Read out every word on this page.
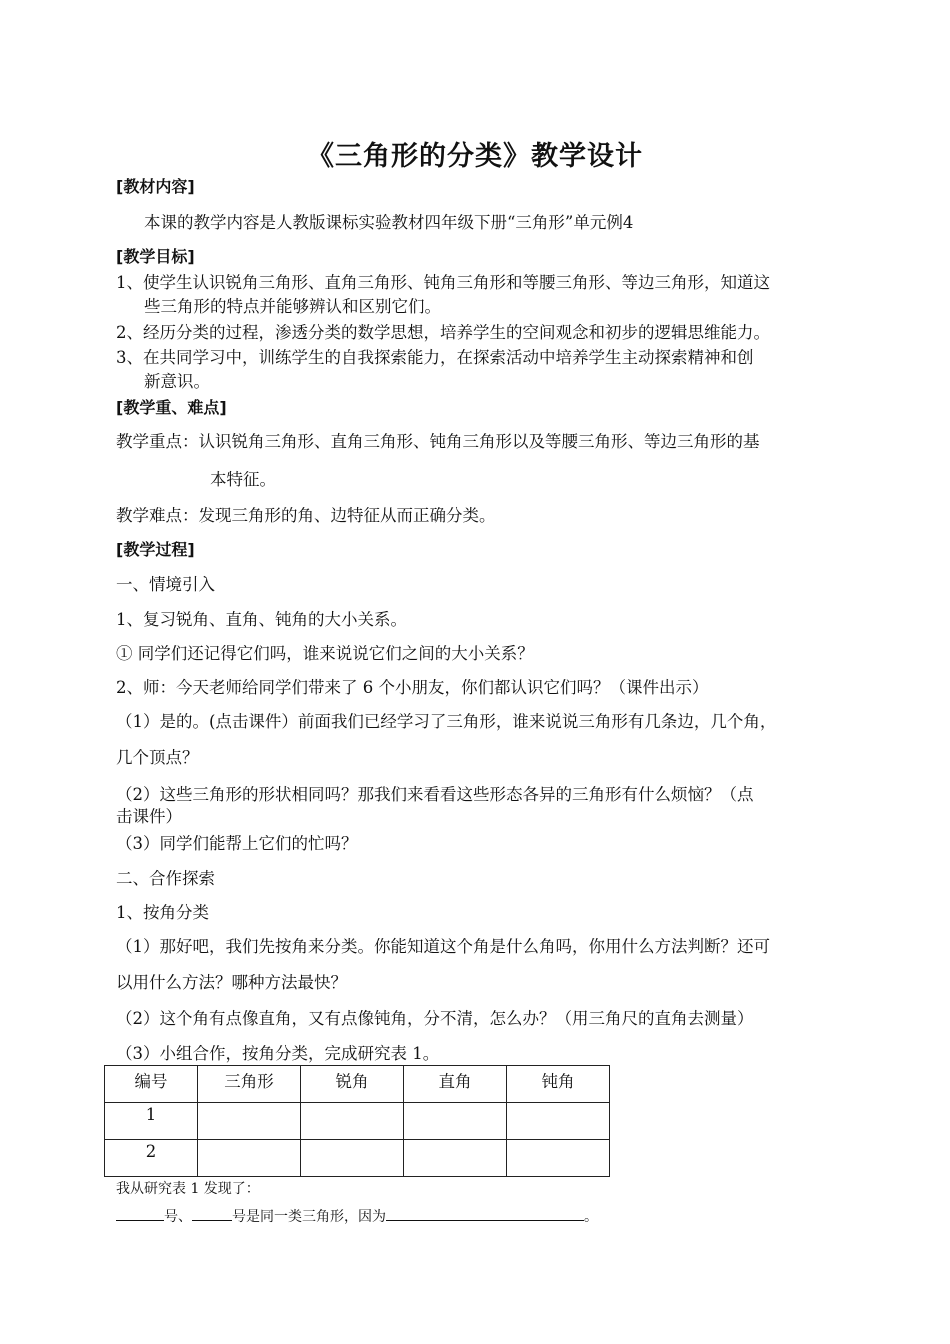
《三角形的分类》教学设计
[教材内容]
本课的教学内容是人教版课标实验教材四年级下册“三角形”单元例4
[教学目标]
1、使学生认识锐角三角形、直角三角形、钝角三角形和等腰三角形、等边三角形，知道这
些三角形的特点并能够辨认和区别它们。
2、经历分类的过程，渗透分类的数学思想，培养学生的空间观念和初步的逻辑思维能力。
3、在共同学习中，训练学生的自我探索能力，在探索活动中培养学生主动探索精神和创
新意识。
[教学重、难点]
教学重点：认识锐角三角形、直角三角形、钝角三角形以及等腰三角形、等边三角形的基
本特征。
教学难点：发现三角形的角、边特征从而正确分类。
[教学过程]
一、情境引入
1、复习锐角、直角、钝角的大小关系。
① 同学们还记得它们吗，谁来说说它们之间的大小关系？
2、师：今天老师给同学们带来了 6 个小朋友，你们都认识它们吗？（课件出示）
（1）是的。(点击课件）前面我们已经学习了三角形，谁来说说三角形有几条边，几个角，
几个顶点？
（2）这些三角形的形状相同吗？那我们来看看这些形态各异的三角形有什么烦恼？（点
击课件）
（3）同学们能帮上它们的忙吗？
二、合作探索
1、按角分类
（1）那好吧，我们先按角来分类。你能知道这个角是什么角吗，你用什么方法判断？还可
以用什么方法？哪种方法最快？
（2）这个角有点像直角，又有点像钝角，分不清，怎么办？（用三角尺的直角去测量）
（3）小组合作，按角分类，完成研究表 1。
编号	三角形	锐角	直角	钝角
1				
2				
我从研究表 1 发现了：
号、	号是同一类三角形，因为	。
